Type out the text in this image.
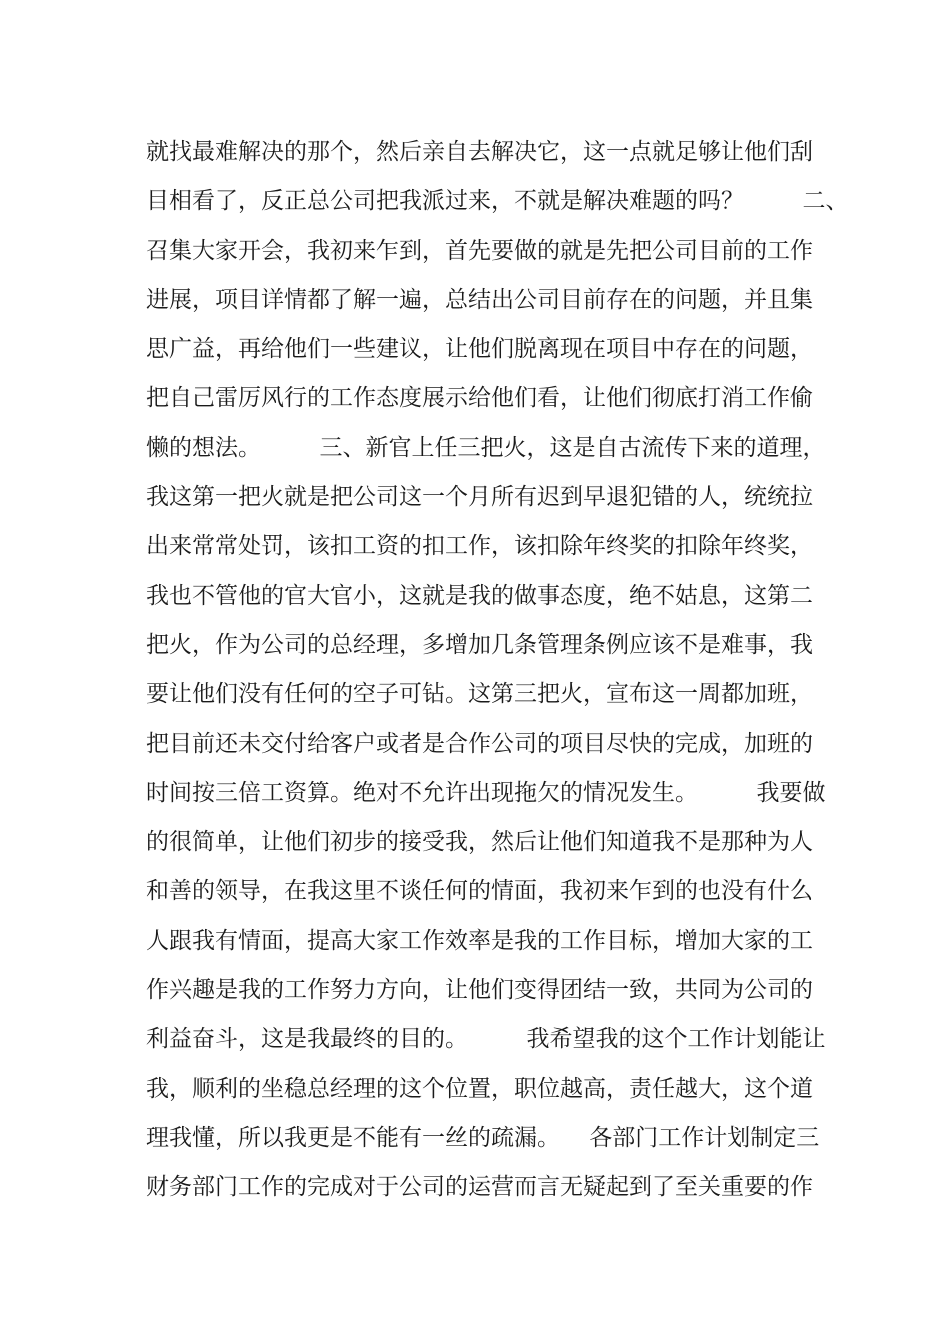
就找最难解决的那个，然后亲自去解决它，这一点就足够让他们刮
目相看了，反正总公司把我派过来，不就是解决难题的吗？        二、
召集大家开会，我初来乍到，首先要做的就是先把公司目前的工作
进展，项目详情都了解一遍，总结出公司目前存在的问题，并且集
思广益，再给他们一些建议，让他们脱离现在项目中存在的问题，
把自己雷厉风行的工作态度展示给他们看，让他们彻底打消工作偷
懒的想法。        三、新官上任三把火，这是自古流传下来的道理，
我这第一把火就是把公司这一个月所有迟到早退犯错的人，统统拉
出来常常处罚，该扣工资的扣工作，该扣除年终奖的扣除年终奖，
我也不管他的官大官小，这就是我的做事态度，绝不姑息，这第二
把火，作为公司的总经理，多增加几条管理条例应该不是难事，我
要让他们没有任何的空子可钻。这第三把火，宣布这一周都加班，
把目前还未交付给客户或者是合作公司的项目尽快的完成，加班的
时间按三倍工资算。绝对不允许出现拖欠的情况发生。        我要做
的很简单，让他们初步的接受我，然后让他们知道我不是那种为人
和善的领导，在我这里不谈任何的情面，我初来乍到的也没有什么
人跟我有情面，提高大家工作效率是我的工作目标，增加大家的工
作兴趣是我的工作努力方向，让他们变得团结一致，共同为公司的
利益奋斗，这是我最终的目的。        我希望我的这个工作计划能让
我，顺利的坐稳总经理的这个位置，职位越高，责任越大，这个道
理我懂，所以我更是不能有一丝的疏漏。    各部门工作计划制定三
财务部门工作的完成对于公司的运营而言无疑起到了至关重要的作
